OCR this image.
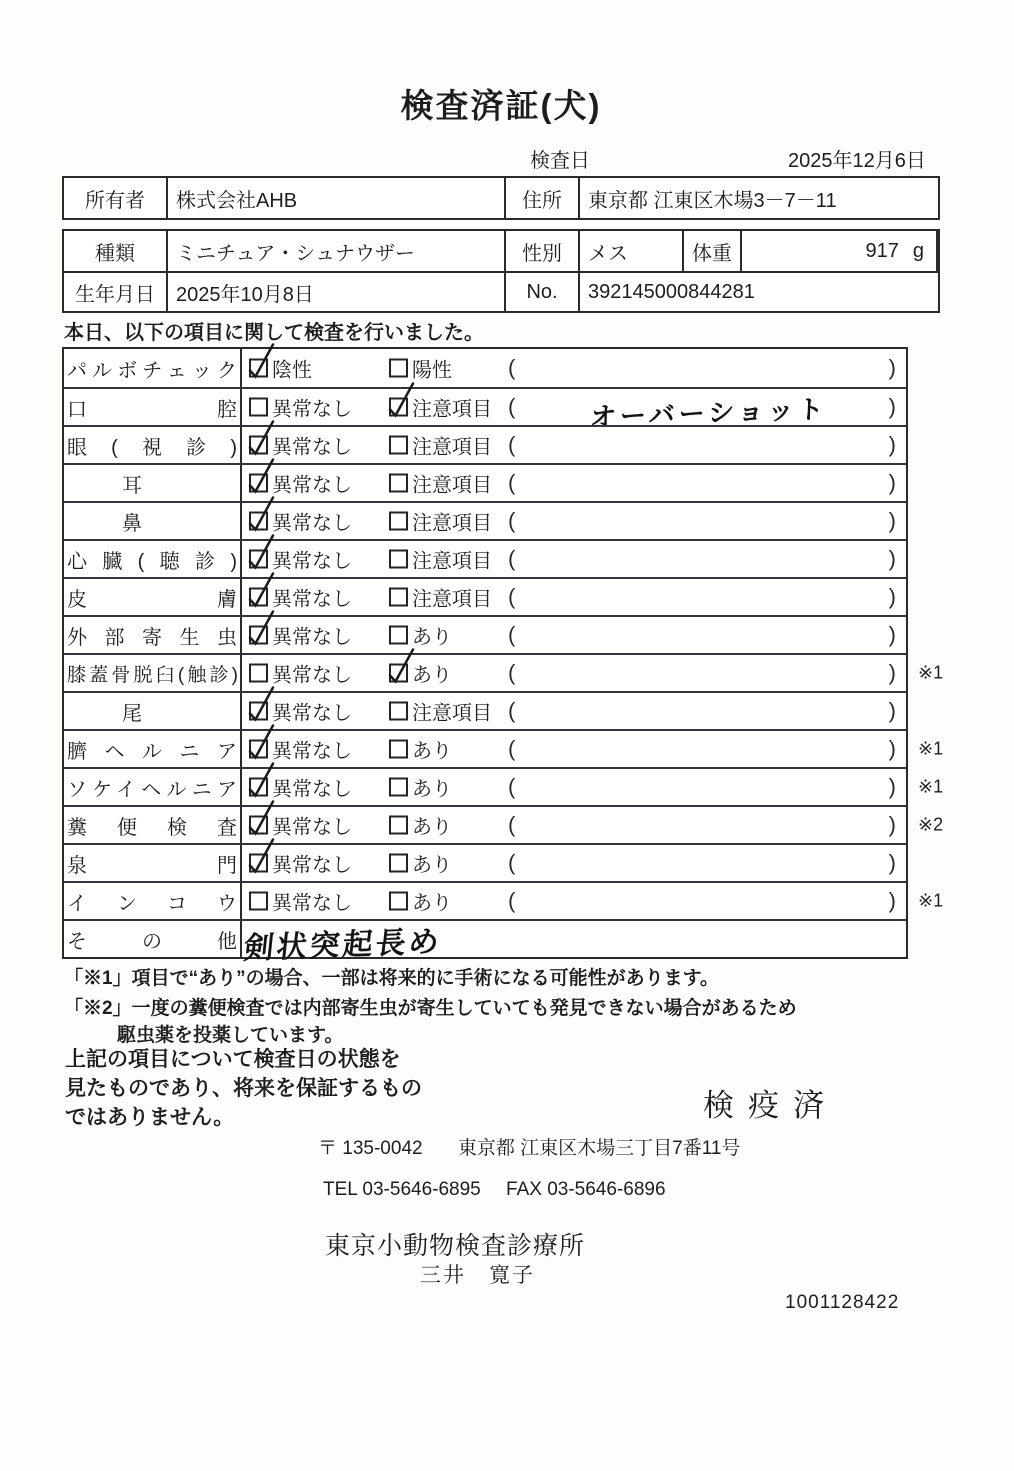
検査済証(犬)
検査日	2025年12月6日
所有者	株式会社AHB	住所	東京都 江東区木場3－7－11
種類	ミニチュア・シュナウザー	性別	メス	体重	917 g
生年月日	2025年10月8日	No.	392145000844281
本日、以下の項目に関して検査を行いました。
パルボチェック 陰性	陽性	(	)
口腔 異常なし	注意項目 (	オーバーショット	)
眼(視診) 異常なし	注意項目 (	)
耳	異常なし	注意項目 (	)
鼻	異常なし	注意項目 (	)
心臓(聴診) 異常なし	注意項目 (	)
皮膚 異常なし	注意項目 (	)
外部寄生虫 異常なし	あり	(	)
膝蓋骨脱臼(触診) 異常なし	あり	(	) ※1
尾	異常なし	注意項目 (	)
臍ヘルニア 異常なし	あり	(	) ※1
ソケイヘルニア 異常なし	あり	(	) ※1
糞便検査 異常なし	あり	(	) ※2
泉門 異常なし	あり	(	)
インコウ 異常なし	あり	(	) ※1
その他 剣状突起長め
「※1」項目で“あり”の場合、一部は将来的に手術になる可能性があります。
「※2」一度の糞便検査では内部寄生虫が寄生していても発見できない場合があるため
駆虫薬を投薬しています。
上記の項目について検査日の状態を
見たものであり、将来を保証するもの
ではありません。	検疫済
〒 135-0042 東京都 江東区木場三丁目7番11号
TEL 03-5646-6895 FAX 03-5646-6896
東京小動物検査診療所
三井　寛子
1001128422
